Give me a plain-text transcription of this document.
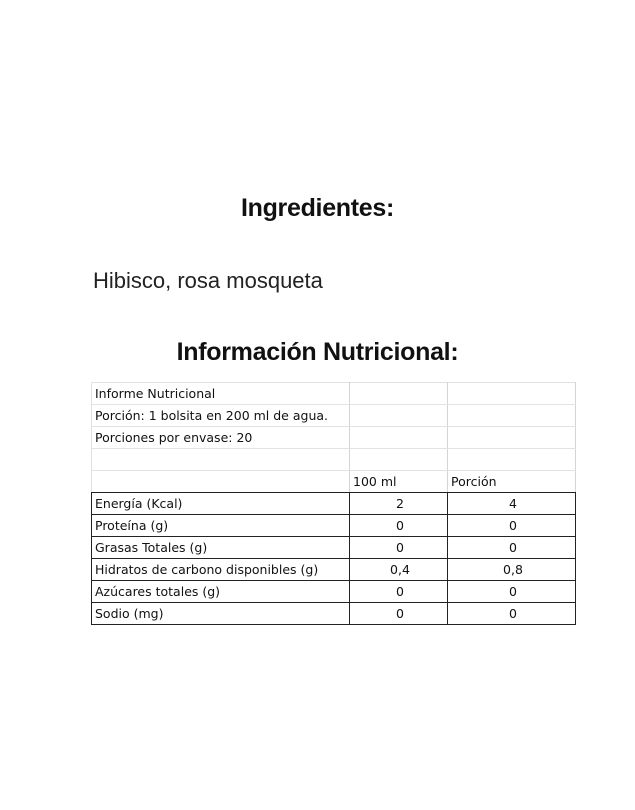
Ingredientes:
Hibisco, rosa mosqueta
Información Nutricional:
Informe Nutricional		
Porción: 1 bolsita en 200 ml de agua.		
Porciones por envase: 20		

	100 ml	Porción
Energía (Kcal)	2	4
Proteína (g)	0	0
Grasas Totales (g)	0	0
Hidratos de carbono disponibles (g)	0,4	0,8
Azúcares totales (g)	0	0
Sodio (mg)	0	0
